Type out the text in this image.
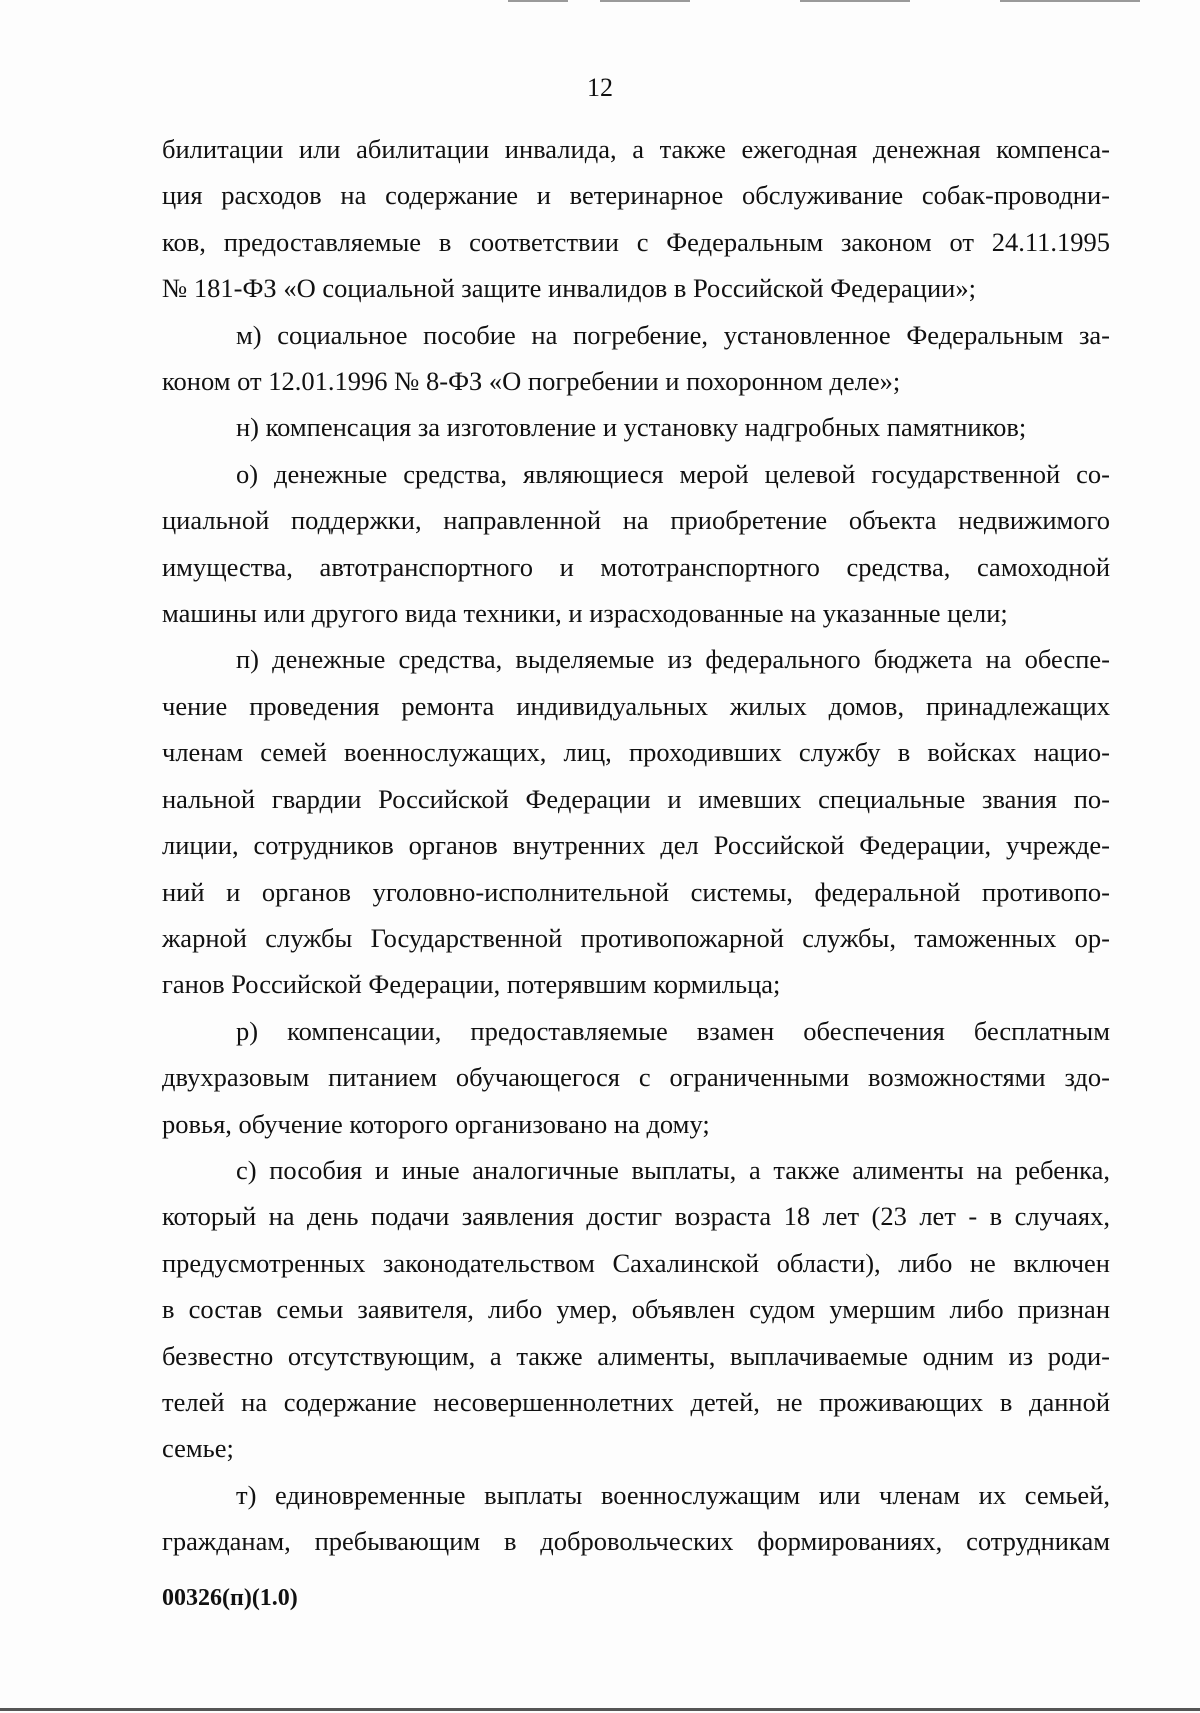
12
билитации или абилитации инвалида, а также ежегодная денежная компенса-
ция расходов на содержание и ветеринарное обслуживание собак-проводни-
ков, предоставляемые в соответствии с Федеральным законом от 24.11.1995
№ 181-ФЗ «О социальной защите инвалидов в Российской Федерации»;
м) социальное пособие на погребение, установленное Федеральным за-
коном от 12.01.1996 № 8-ФЗ «О погребении и похоронном деле»;
н) компенсация за изготовление и установку надгробных памятников;
о) денежные средства, являющиеся мерой целевой государственной со-
циальной поддержки, направленной на приобретение объекта недвижимого
имущества, автотранспортного и мототранспортного средства, самоходной
машины или другого вида техники, и израсходованные на указанные цели;
п) денежные средства, выделяемые из федерального бюджета на обеспе-
чение проведения ремонта индивидуальных жилых домов, принадлежащих
членам семей военнослужащих, лиц, проходивших службу в войсках нацио-
нальной гвардии Российской Федерации и имевших специальные звания по-
лиции, сотрудников органов внутренних дел Российской Федерации, учрежде-
ний и органов уголовно-исполнительной системы, федеральной противопо-
жарной службы Государственной противопожарной службы, таможенных ор-
ганов Российской Федерации, потерявшим кормильца;
р) компенсации, предоставляемые взамен обеспечения бесплатным
двухразовым питанием обучающегося с ограниченными возможностями здо-
ровья, обучение которого организовано на дому;
с) пособия и иные аналогичные выплаты, а также алименты на ребенка,
который на день подачи заявления достиг возраста 18 лет (23 лет - в случаях,
предусмотренных законодательством Сахалинской области), либо не включен
в состав семьи заявителя, либо умер, объявлен судом умершим либо признан
безвестно отсутствующим, а также алименты, выплачиваемые одним из роди-
телей на содержание несовершеннолетних детей, не проживающих в данной
семье;
т) единовременные выплаты военнослужащим или членам их семьей,
гражданам, пребывающим в добровольческих формированиях, сотрудникам
00326(п)(1.0)
